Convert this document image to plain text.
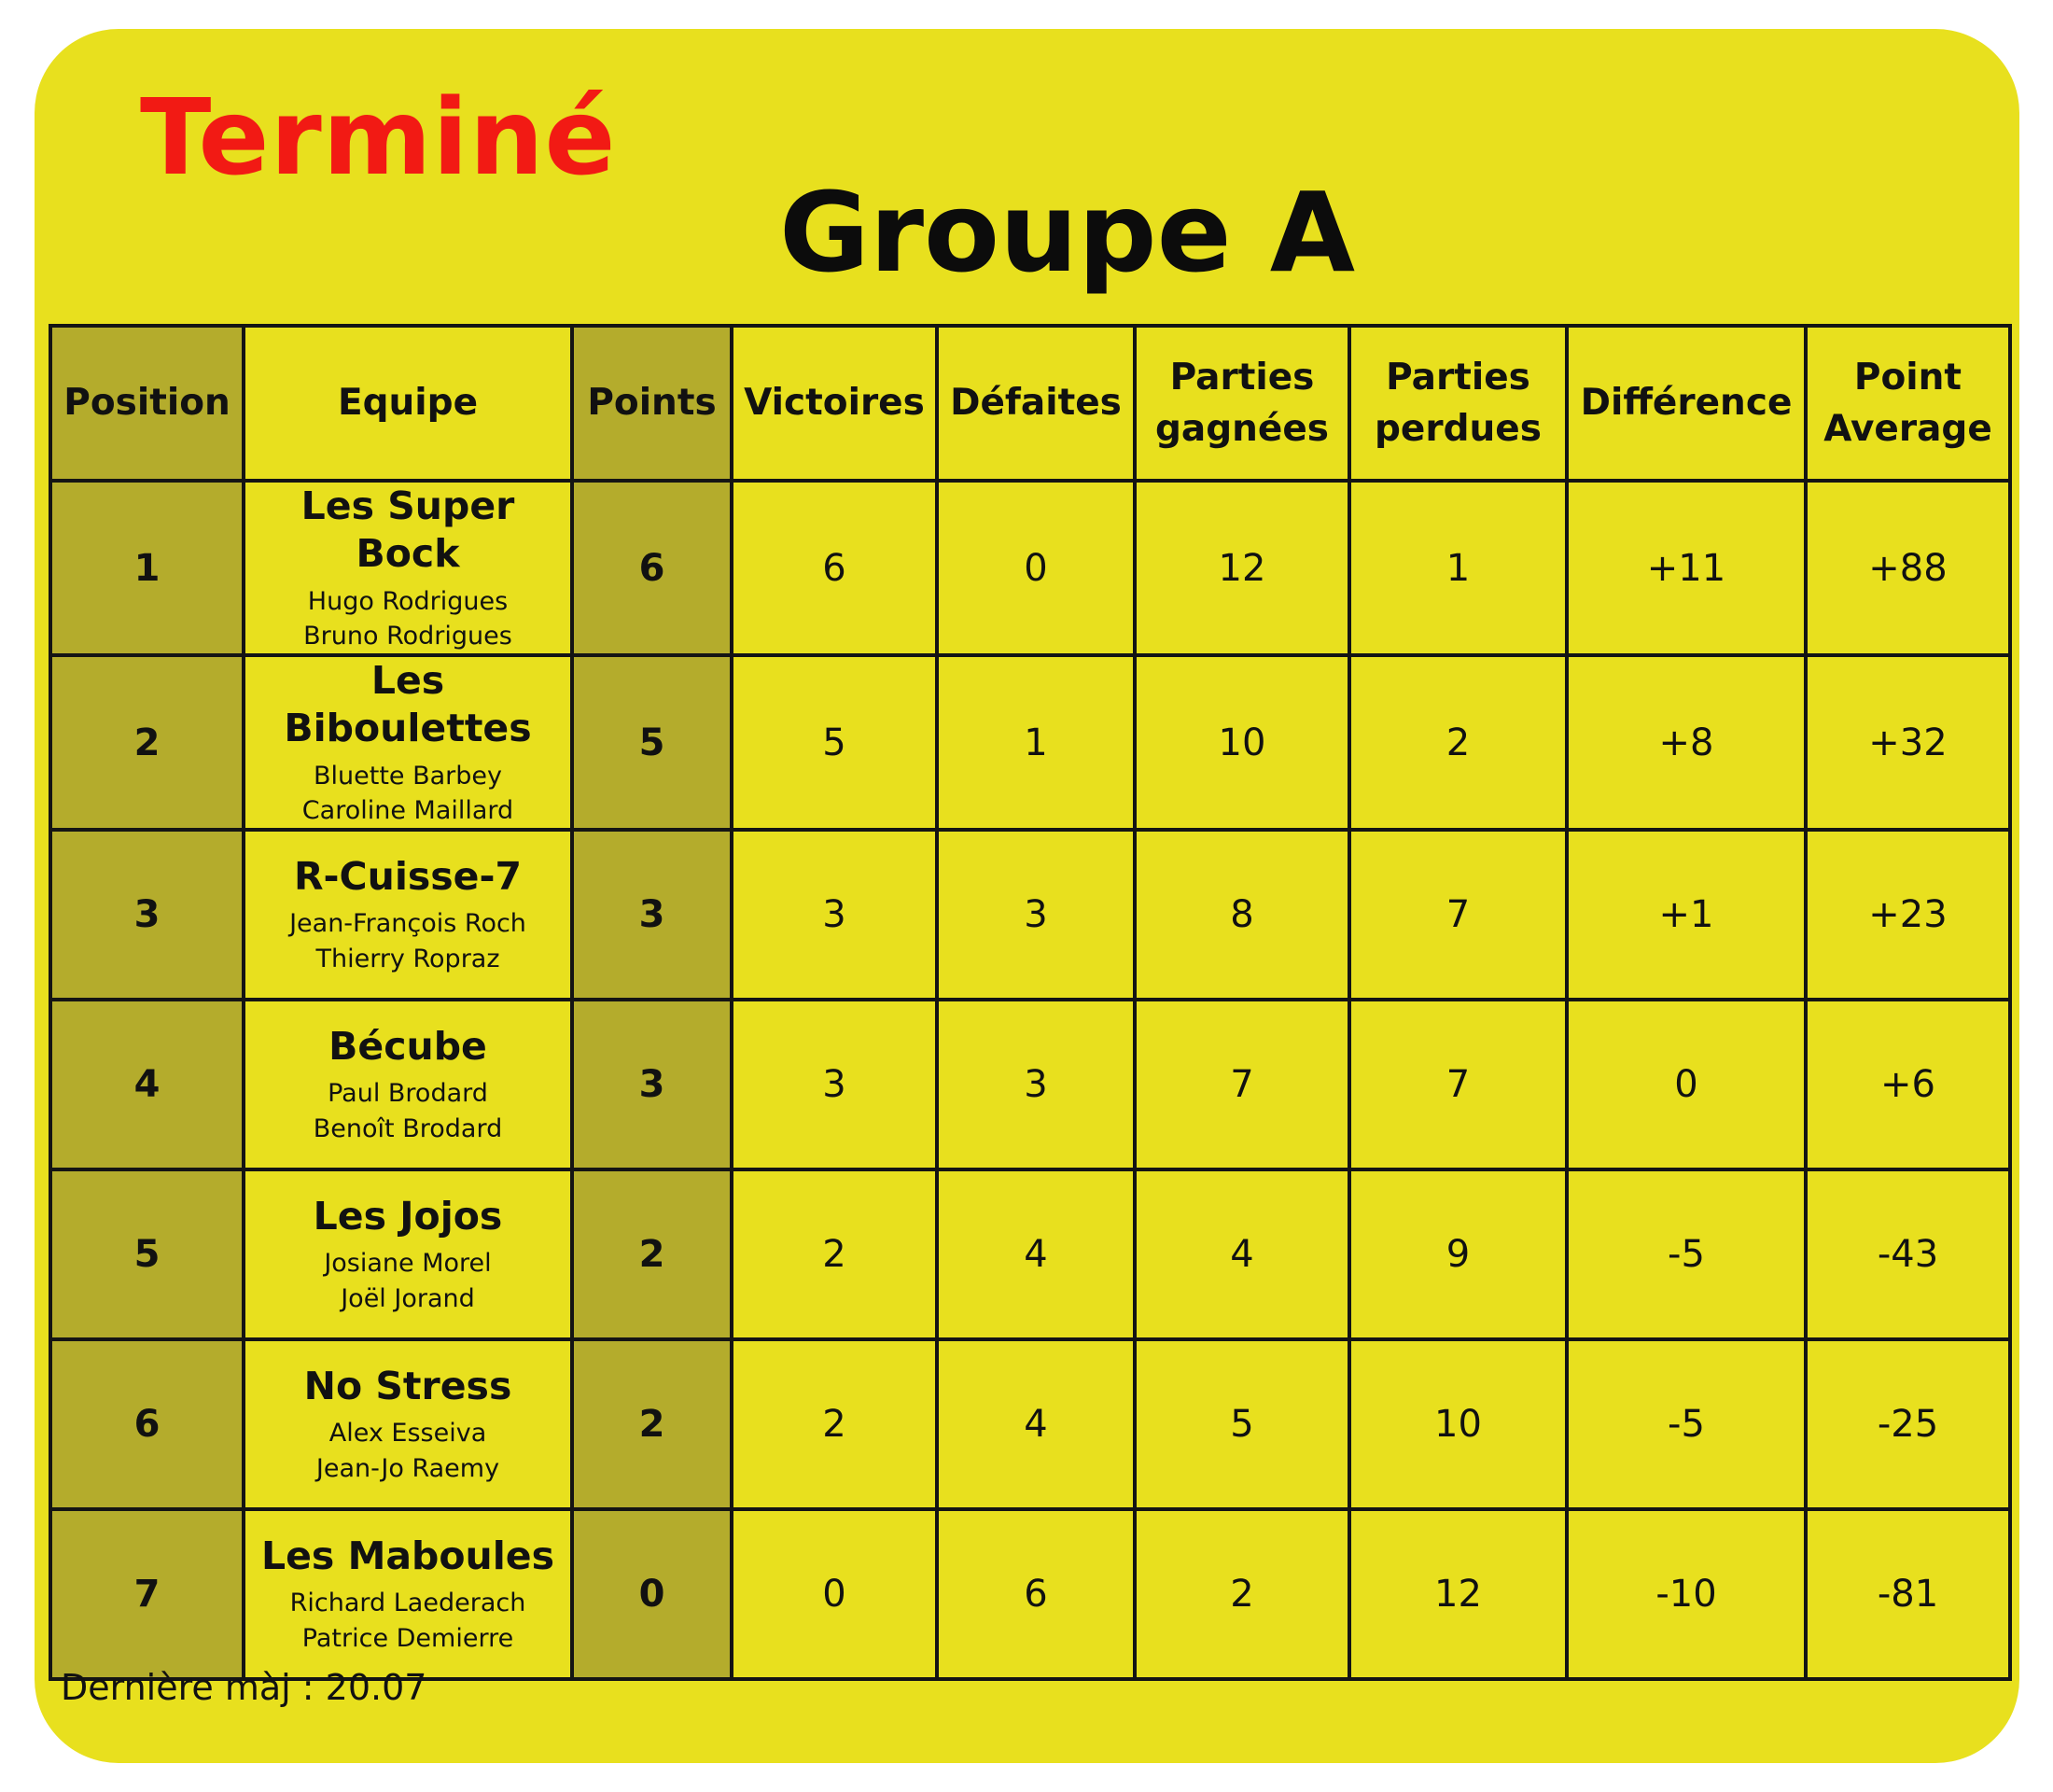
Terminé
Groupe A
Position	Equipe	Points	Victoires	Défaites	Parties gagnées	Parties perdues	Différence	Point Average
1	Les Super Bock
Hugo Rodrigues
Bruno Rodrigues	6	6	0	12	1	+11	+88
2	Les Biboulettes
Bluette Barbey
Caroline Maillard	5	5	1	10	2	+8	+32
3	R-Cuisse-7
Jean-François Roch
Thierry Ropraz	3	3	3	8	7	+1	+23
4	Bécube
Paul Brodard
Benoît Brodard	3	3	3	7	7	0	+6
5	Les Jojos
Josiane Morel
Joël Jorand	2	2	4	4	9	-5	-43
6	No Stress
Alex Esseiva
Jean-Jo Raemy	2	2	4	5	10	-5	-25
7	Les Maboules
Richard Laederach
Patrice Demierre	0	0	6	2	12	-10	-81
Dernière màj : 20.07
